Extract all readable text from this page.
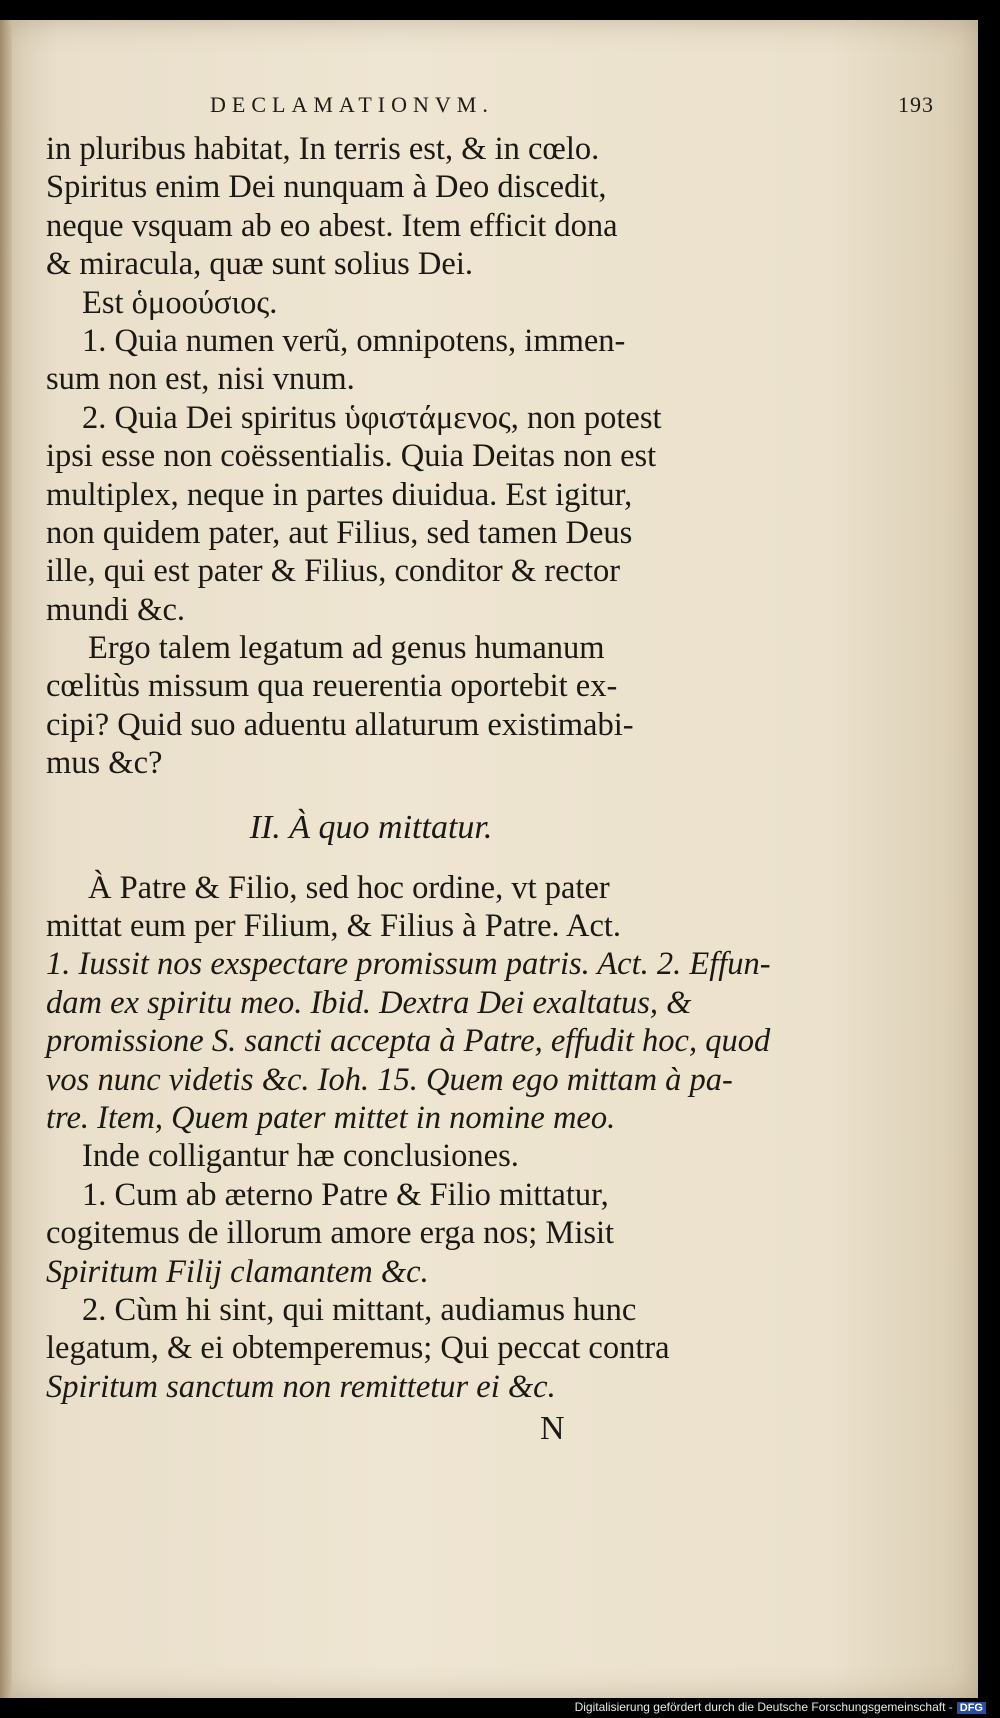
DECLAMATIONVM.	193
in pluribus habitat, In terris est, & in cœlo.
Spiritus enim Dei nunquam à Deo discedit,
neque vsquam ab eo abest. Item efficit dona
& miracula, quæ sunt solius Dei.
Est ὁμοούσιος.
1. Quia numen verũ, omnipotens, immen-
sum non est, nisi vnum.
2. Quia Dei spiritus ὑφιστάμενος, non potest
ipsi esse non coëssentialis. Quia Deitas non est
multiplex, neque in partes diuidua. Est igitur,
non quidem pater, aut Filius, sed tamen Deus
ille, qui est pater & Filius, conditor & rector
mundi &c.
Ergo talem legatum ad genus humanum
cœlitùs missum qua reuerentia oportebit ex-
cipi? Quid suo aduentu allaturum existimabi-
mus &c?
II. À quo mittatur.
À Patre & Filio, sed hoc ordine, vt pater
mittat eum per Filium, & Filius à Patre. Act.
1. Iussit nos exspectare promissum patris. Act. 2. Effun-
dam ex spiritu meo. Ibid. Dextra Dei exaltatus, &
promissione S. sancti accepta à Patre, effudit hoc, quod
vos nunc videtis &c. Ioh. 15. Quem ego mittam à pa-
tre. Item, Quem pater mittet in nomine meo.
Inde colligantur hæ conclusiones.
1. Cum ab æterno Patre & Filio mittatur,
cogitemus de illorum amore erga nos; Misit
Spiritum Filij clamantem &c.
2. Cùm hi sint, qui mittant, audiamus hunc
legatum, & ei obtemperemus; Qui peccat contra
Spiritum sanctum non remittetur ei &c.
N
Digitalisierung gefördert durch die Deutsche Forschungsgemeinschaft - DFG
